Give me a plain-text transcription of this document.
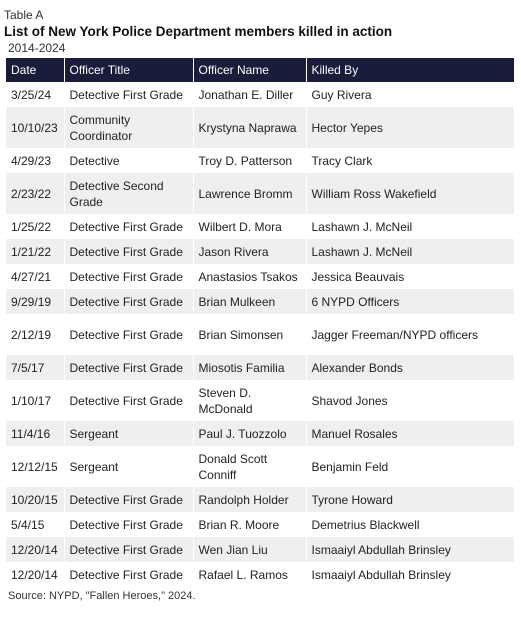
Table A
List of New York Police Department members killed in action
2014-2024
Date	Officer Title	Officer Name	Killed By
3/25/24	Detective First Grade	Jonathan E. Diller	Guy Rivera
10/10/23	Community Coordinator	Krystyna Naprawa	Hector Yepes
4/29/23	Detective	Troy D. Patterson	Tracy Clark
2/23/22	Detective Second Grade	Lawrence Bromm	William Ross Wakefield
1/25/22	Detective First Grade	Wilbert D. Mora	Lashawn J. McNeil
1/21/22	Detective First Grade	Jason Rivera	Lashawn J. McNeil
4/27/21	Detective First Grade	Anastasios Tsakos	Jessica Beauvais
9/29/19	Detective First Grade	Brian Mulkeen	6 NYPD Officers
2/12/19	Detective First Grade	Brian Simonsen	Jagger Freeman/NYPD officers
7/5/17	Detective First Grade	Miosotis Familia	Alexander Bonds
1/10/17	Detective First Grade	Steven D. McDonald	Shavod Jones
11/4/16	Sergeant	Paul J. Tuozzolo	Manuel Rosales
12/12/15	Sergeant	Donald Scott Conniff	Benjamin Feld
10/20/15	Detective First Grade	Randolph Holder	Tyrone Howard
5/4/15	Detective First Grade	Brian R. Moore	Demetrius Blackwell
12/20/14	Detective First Grade	Wen Jian Liu	Ismaaiyl Abdullah Brinsley
12/20/14	Detective First Grade	Rafael L. Ramos	Ismaaiyl Abdullah Brinsley
Source: NYPD, "Fallen Heroes," 2024.
